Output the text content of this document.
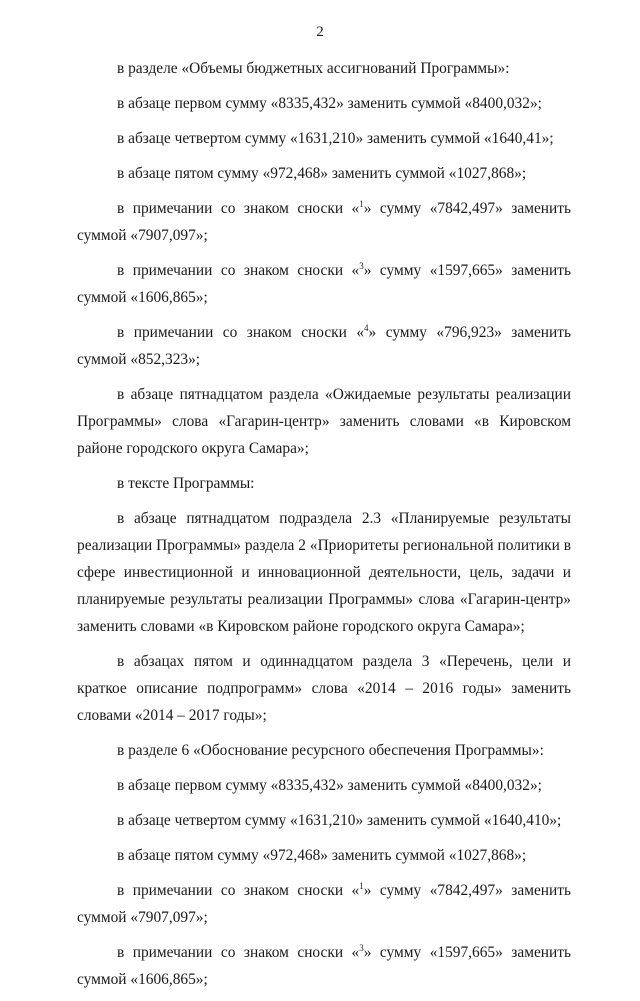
2

в разделе «Объемы бюджетных ассигнований Программы»:

в абзаце первом сумму «8335,432» заменить суммой «8400,032»;

в абзаце четвертом сумму «1631,210» заменить суммой «1640,41»;

в абзаце пятом сумму «972,468» заменить суммой «1027,868»;

в примечании со знаком сноски «$^1$» сумму «7842,497» заменить суммой «7907,097»;

в примечании со знаком сноски «$^3$» сумму «1597,665» заменить суммой «1606,865»;

в примечании со знаком сноски «$^4$» сумму «796,923» заменить суммой «852,323»;

в абзаце пятнадцатом раздела «Ожидаемые результаты реализации Программы» слова «Гагарин-центр» заменить словами «в Кировском районе городского округа Самара»;

в тексте Программы:

в абзаце пятнадцатом подраздела 2.3 «Планируемые результаты реализации Программы» раздела 2 «Приоритеты региональной политики в сфере инвестиционной и инновационной деятельности, цель, задачи и планируемые результаты реализации Программы» слова «Гагарин-центр» заменить словами «в Кировском районе городского округа Самара»;

в абзацах пятом и одиннадцатом раздела 3 «Перечень, цели и краткое описание подпрограмм» слова «2014 – 2016 годы» заменить словами «2014 – 2017 годы»;

в разделе 6 «Обоснование ресурсного обеспечения Программы»:

в абзаце первом сумму «8335,432» заменить суммой «8400,032»;

в абзаце четвертом сумму «1631,210» заменить суммой «1640,410»;

в абзаце пятом сумму «972,468» заменить суммой «1027,868»;

в примечании со знаком сноски «$^1$» сумму «7842,497» заменить суммой «7907,097»;

в примечании со знаком сноски «$^3$» сумму «1597,665» заменить суммой «1606,865»;
